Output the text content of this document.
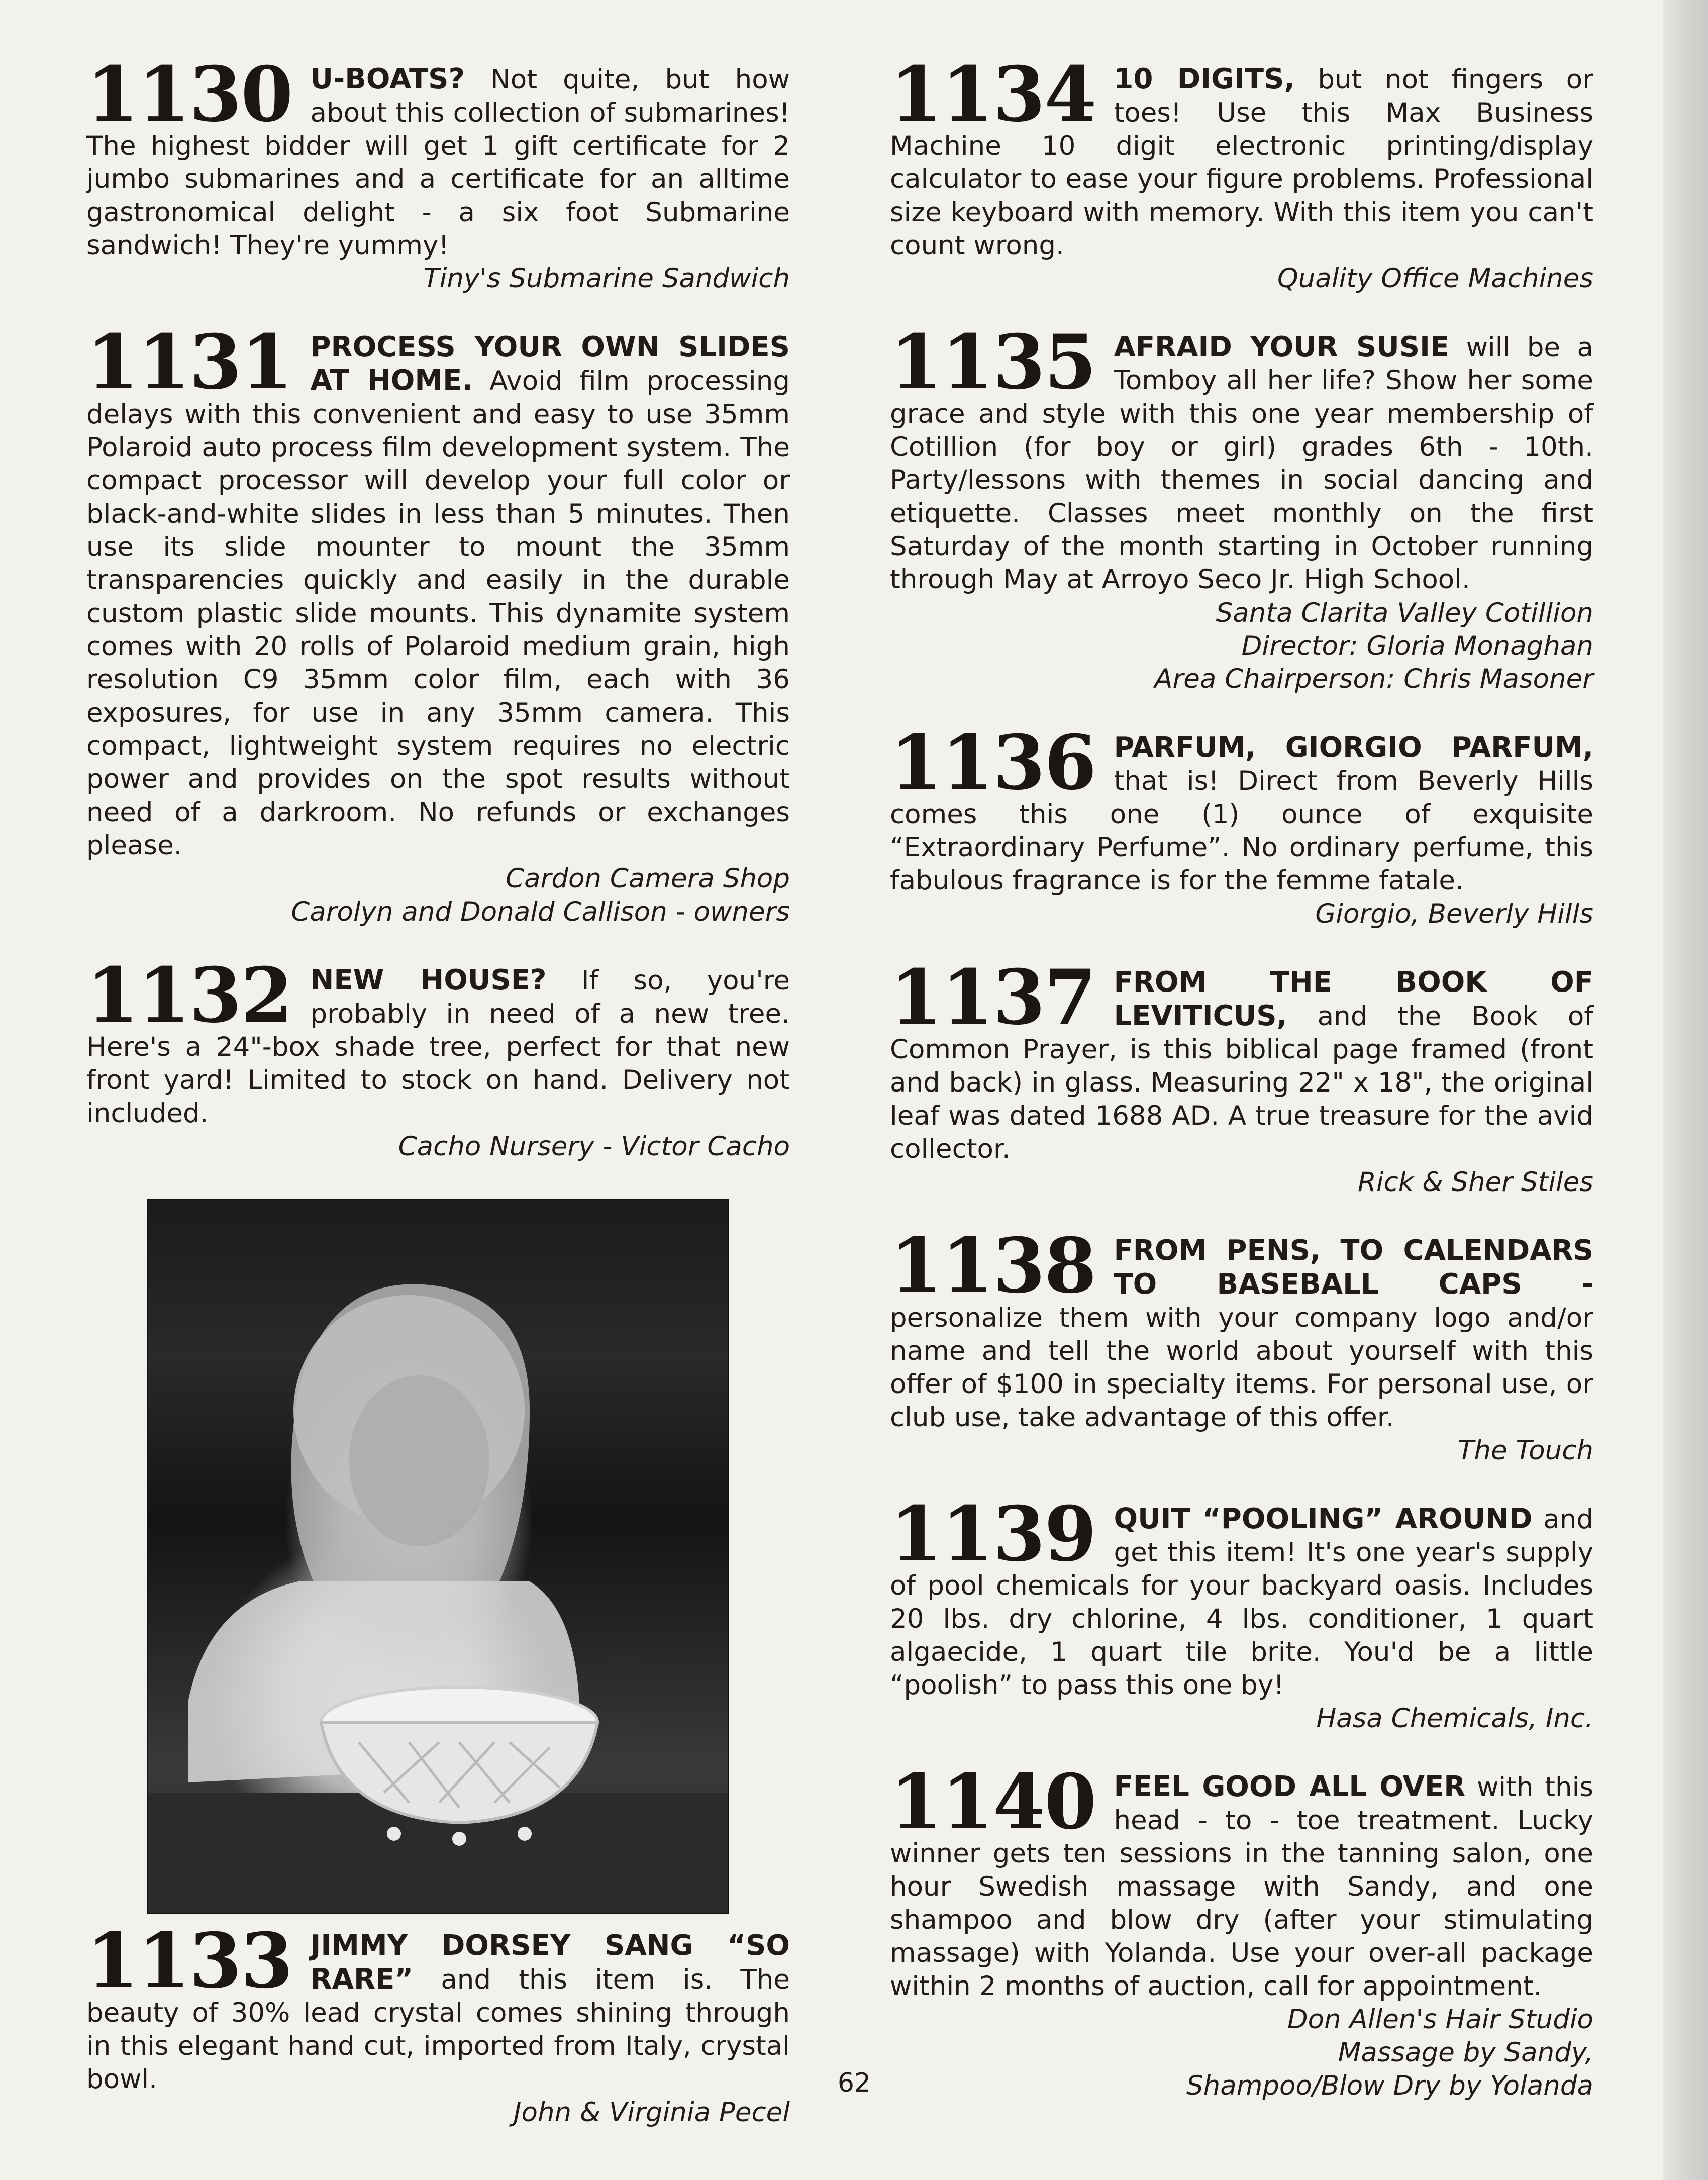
1130 U-BOATS? Not quite, but how about this collection of submarines! The highest bidder will get 1 gift certificate for 2 jumbo submarines and a certificate for an alltime gastronomical delight - a six foot Submarine sandwich! They're yummy!

Tiny's Submarine Sandwich

1131 PROCESS YOUR OWN SLIDES AT HOME. Avoid film processing delays with this convenient and easy to use 35mm Polaroid auto process film development system. The compact processor will develop your full color or black-and-white slides in less than 5 minutes. Then use its slide mounter to mount the 35mm transparencies quickly and easily in the durable custom plastic slide mounts. This dynamite system comes with 20 rolls of Polaroid medium grain, high resolution C9 35mm color film, each with 36 exposures, for use in any 35mm camera. This compact, lightweight system requires no electric power and provides on the spot results without need of a darkroom. No refunds or exchanges please.

Cardon Camera Shop

Carolyn and Donald Callison - owners

1132 NEW HOUSE? If so, you're probably in need of a new tree. Here's a 24"-box shade tree, perfect for that new front yard! Limited to stock on hand. Delivery not included.

Cacho Nursery - Victor Cacho

1133 JIMMY DORSEY SANG “SO RARE” and this item is. The beauty of 30% lead crystal comes shining through in this elegant hand cut, imported from Italy, crystal bowl.

John & Virginia Pecel

1134 10 DIGITS, but not fingers or toes! Use this Max Business Machine 10 digit electronic printing/display calculator to ease your figure problems. Professional size keyboard with memory. With this item you can't count wrong.

Quality Office Machines

1135 AFRAID YOUR SUSIE will be a Tomboy all her life? Show her some grace and style with this one year membership of Cotillion (for boy or girl) grades 6th - 10th. Party/lessons with themes in social dancing and etiquette. Classes meet monthly on the first Saturday of the month starting in October running through May at Arroyo Seco Jr. High School.

Santa Clarita Valley Cotillion

Director: Gloria Monaghan

Area Chairperson: Chris Masoner

1136 PARFUM, GIORGIO PARFUM, that is! Direct from Beverly Hills comes this one (1) ounce of exquisite “Extraordinary Perfume”. No ordinary perfume, this fabulous fragrance is for the femme fatale.

Giorgio, Beverly Hills

1137 FROM THE BOOK OF LEVITICUS, and the Book of Common Prayer, is this biblical page framed (front and back) in glass. Measuring 22" x 18", the original leaf was dated 1688 AD. A true treasure for the avid collector.

Rick & Sher Stiles

1138 FROM PENS, TO CALENDARS TO BASEBALL CAPS - personalize them with your company logo and/or name and tell the world about yourself with this offer of $100 in specialty items. For personal use, or club use, take advantage of this offer.

The Touch

1139 QUIT “POOLING” AROUND and get this item! It's one year's supply of pool chemicals for your backyard oasis. Includes 20 lbs. dry chlorine, 4 lbs. conditioner, 1 quart algaecide, 1 quart tile brite. You'd be a little “poolish” to pass this one by!

Hasa Chemicals, Inc.

1140 FEEL GOOD ALL OVER with this head - to - toe treatment. Lucky winner gets ten sessions in the tanning salon, one hour Swedish massage with Sandy, and one shampoo and blow dry (after your stimulating massage) with Yolanda. Use your over-all package within 2 months of auction, call for appointment.

Don Allen's Hair Studio

Massage by Sandy,

Shampoo/Blow Dry by Yolanda

62
